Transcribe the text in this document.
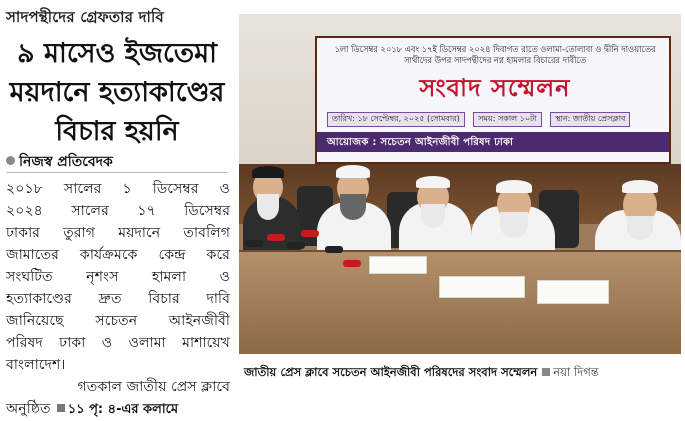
সাদপন্থীদের গ্রেফতার দাবি
৯ মাসেও ইজতেমা
ময়দানে হত্যাকাণ্ডের
বিচার হয়নি
নিজস্ব প্রতিবেদক
২০১৮ সালের ১ ডিসেম্বর ও
২০২৪ সালের ১৭ ডিসেম্বর
ঢাকার তুরাগ ময়দানে তাবলিগ
জামাতের কার্যক্রমকে কেন্দ্র করে
সংঘটিত নৃশংস হামলা ও
হত্যাকাণ্ডের দ্রুত বিচার দাবি
জানিয়েছে সচেতন আইনজীবী
পরিষদ ঢাকা ও ওলামা মাশায়েখ
বাংলাদেশ।
গতকাল জাতীয় প্রেস ক্লাবে
অনুষ্ঠিত ১১ পৃ: ৪-এর কলামে
১লা ডিসেম্বর ২০১৮ এবং ১৭ই ডিসেম্বর ২০২৪ দিবাগত রাতে ওলামা-তোলাবা ও দ্বীনি দাওয়াতের সাথীদের উপর সাদপন্থীদের নগ্ন হামলার বিচারের দাবীতে
সংবাদ সম্মেলন
তারিখ: ১৮ সেপ্টেম্বর, ২০২৫ (সোমবার) সময়: সকাল ১০টা স্থান: জাতীয় প্রেসক্লাব
আয়োজক : সচেতন আইনজীবী পরিষদ ঢাকা
জাতীয় প্রেস ক্লাবে সচেতন আইনজীবী পরিষদের সংবাদ সম্মেলন নয়া দিগন্ত
